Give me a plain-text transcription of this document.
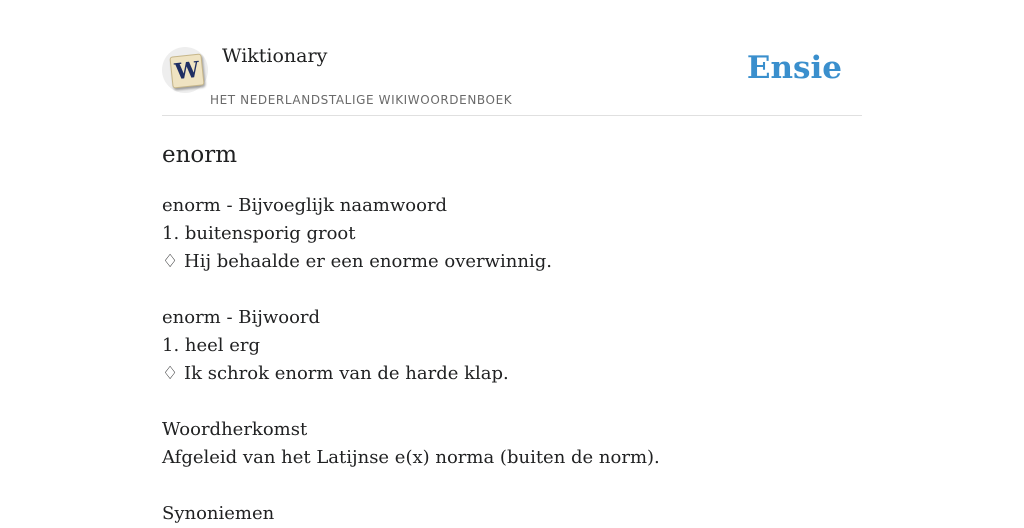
W
Wiktionary
HET NEDERLANDSTALIGE WIKIWOORDENBOEK
Ensie
enorm
enorm - Bijvoeglijk naamwoord
1. buitensporig groot
♢ Hij behaalde er een enorme overwinnig.
enorm - Bijwoord
1. heel erg
♢ Ik schrok enorm van de harde klap.
Woordherkomst
Afgeleid van het Latijnse e(x) norma (buiten de norm).
Synoniemen
